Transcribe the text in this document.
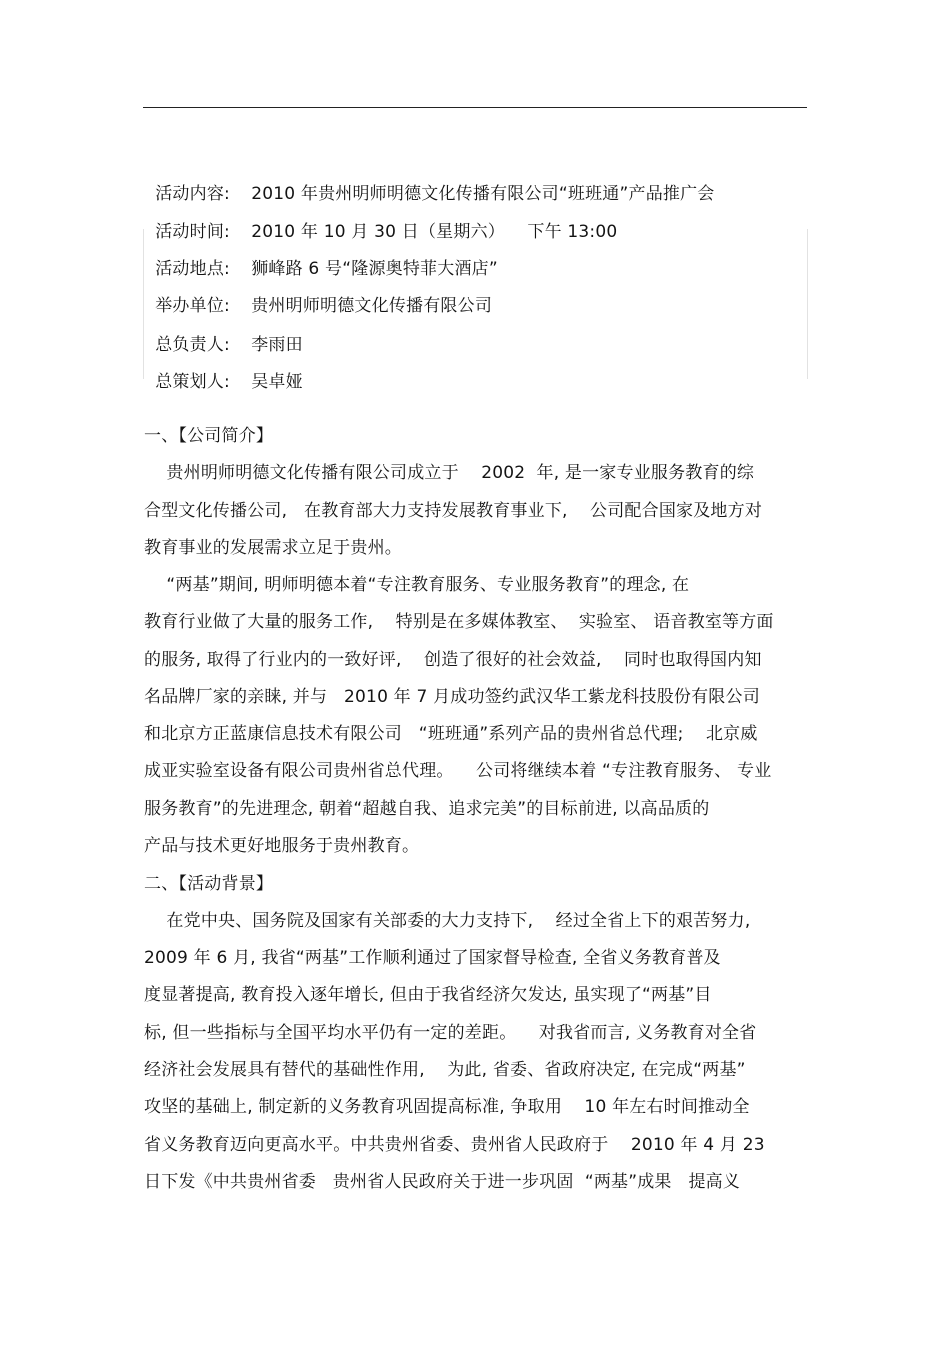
活动内容: 2010 年贵州明师明德文化传播有限公司“班班通”产品推广会

活动时间: 2010 年 10 月 30 日（星期六）    下午 13:00

活动地点: 狮峰路 6 号“隆源奥特菲大酒店”

举办单位: 贵州明师明德文化传播有限公司

总负责人: 李雨田

总策划人: 吴卓娅

一、【公司简介】
贵州明师明德文化传播有限公司成立于    2002  年, 是一家专业服务教育的综
合型文化传播公司,   在教育部大力支持发展教育事业下,    公司配合国家及地方对
教育事业的发展需求立足于贵州。
“两基”期间, 明师明德本着“专注教育服务、专业服务教育”的理念, 在
教育行业做了大量的服务工作,    特别是在多媒体教室、  实验室、 语音教室等方面
的服务, 取得了行业内的一致好评,    创造了很好的社会效益,    同时也取得国内知
名品牌厂家的亲睐, 并与   2010 年 7 月成功签约武汉华工紫龙科技股份有限公司
和北京方正蓝康信息技术有限公司   “班班通”系列产品的贵州省总代理;    北京威
成亚实验室设备有限公司贵州省总代理。    公司将继续本着 “专注教育服务、 专业
服务教育”的先进理念, 朝着“超越自我、追求完美”的目标前进, 以高品质的
产品与技术更好地服务于贵州教育。
二、【活动背景】
在党中央、国务院及国家有关部委的大力支持下,    经过全省上下的艰苦努力,
2009 年 6 月, 我省“两基”工作顺利通过了国家督导检查, 全省义务教育普及
度显著提高, 教育投入逐年增长, 但由于我省经济欠发达, 虽实现了“两基”目
标, 但一些指标与全国平均水平仍有一定的差距。    对我省而言, 义务教育对全省
经济社会发展具有替代的基础性作用,    为此, 省委、省政府决定, 在完成“两基”
攻坚的基础上, 制定新的义务教育巩固提高标准, 争取用    10 年左右时间推动全
省义务教育迈向更高水平。中共贵州省委、贵州省人民政府于    2010 年 4 月 23
日下发《中共贵州省委   贵州省人民政府关于进一步巩固  “两基”成果   提高义
